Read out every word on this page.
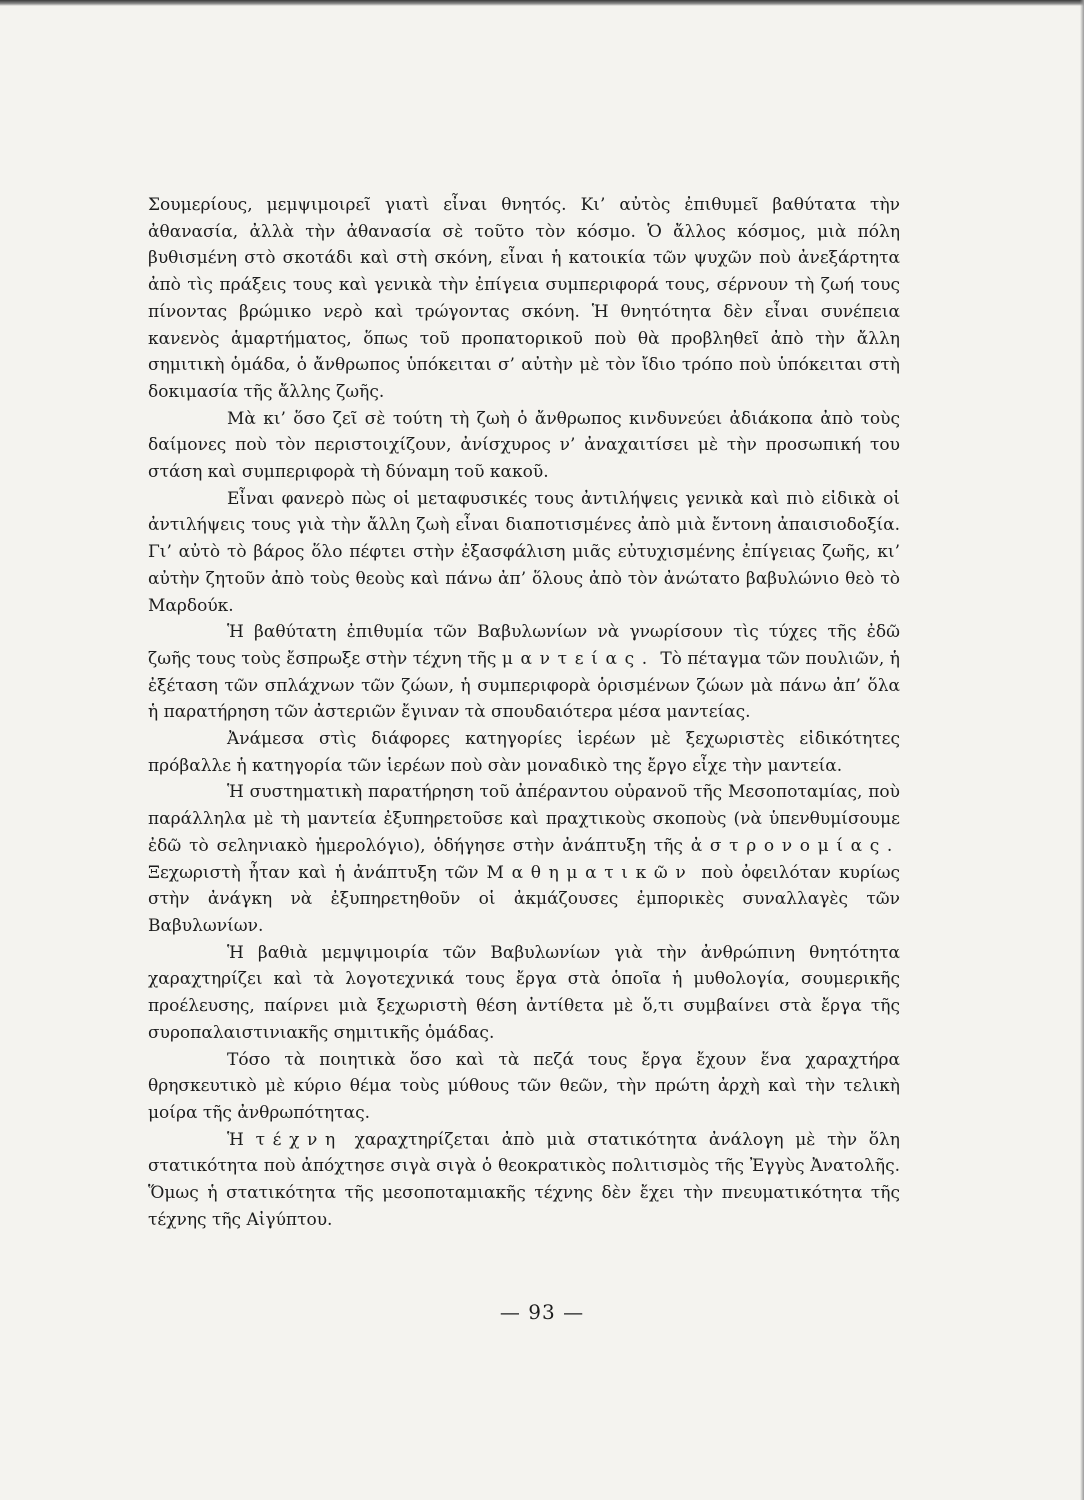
Σουμερίους, μεμψιμοιρεῖ γιατὶ εἶναι θνητός. Κι’ αὐτὸς ἐπιθυμεῖ βαθύτατα τὴν ἀθανασία, ἀλλὰ τὴν ἀθανασία σὲ τοῦτο τὸν κόσμο. Ὁ ἄλλος κόσμος, μιὰ πόλη βυθισμένη στὸ σκοτάδι καὶ στὴ σκόνη, εἶναι ἡ κατοικία τῶν ψυχῶν ποὺ ἀνεξάρτητα ἀπὸ τὶς πράξεις τους καὶ γενικὰ τὴν ἐπίγεια συμπεριφορά τους, σέρνουν τὴ ζωή τους πίνοντας βρώμικο νερὸ καὶ τρώγοντας σκόνη. Ἡ θνητότητα δὲν εἶναι συνέπεια κανενὸς ἁμαρτήματος, ὅπως τοῦ προπατορικοῦ ποὺ θὰ προβληθεῖ ἀπὸ τὴν ἄλλη σημιτικὴ ὁμάδα, ὁ ἄνθρωπος ὑπόκειται σ’ αὐτὴν μὲ τὸν ἴδιο τρόπο ποὺ ὑπόκειται στὴ δοκιμασία τῆς ἄλλης ζωῆς.

Μὰ κι’ ὅσο ζεῖ σὲ τούτη τὴ ζωὴ ὁ ἄνθρωπος κινδυνεύει ἀδιάκοπα ἀπὸ τοὺς δαίμονες ποὺ τὸν περιστοιχίζουν, ἀνίσχυρος ν’ ἀναχαιτίσει μὲ τὴν προσωπική του στάση καὶ συμπεριφορὰ τὴ δύναμη τοῦ κακοῦ.

Εἶναι φανερὸ πὼς οἱ μεταφυσικές τους ἀντιλήψεις γενικὰ καὶ πιὸ εἰδικὰ οἱ ἀντιλήψεις τους γιὰ τὴν ἄλλη ζωὴ εἶναι διαποτισμένες ἀπὸ μιὰ ἔντονη ἀπαισιοδοξία. Γι’ αὐτὸ τὸ βάρος ὅλο πέφτει στὴν ἐξασφάλιση μιᾶς εὐτυχισμένης ἐπίγειας ζωῆς, κι’ αὐτὴν ζητοῦν ἀπὸ τοὺς θεοὺς καὶ πάνω ἀπ’ ὅλους ἀπὸ τὸν ἀνώτατο βαβυλώνιο θεὸ τὸ Μαρδούκ.

Ἡ βαθύτατη ἐπιθυμία τῶν Βαβυλωνίων νὰ γνωρίσουν τὶς τύχες τῆς ἐδῶ ζωῆς τους τοὺς ἔσπρωξε στὴν τέχνη τῆς μαντείας. Τὸ πέταγμα τῶν πουλιῶν, ἡ ἐξέταση τῶν σπλάχνων τῶν ζώων, ἡ συμπεριφορὰ ὁρισμένων ζώων μὰ πάνω ἀπ’ ὅλα ἡ παρατήρηση τῶν ἀστεριῶν ἔγιναν τὰ σπουδαιότερα μέσα μαντείας.

Ἀνάμεσα στὶς διάφορες κατηγορίες ἱερέων μὲ ξεχωριστὲς εἰδικότητες πρόβαλλε ἡ κατηγορία τῶν ἱερέων ποὺ σὰν μοναδικὸ της ἔργο εἶχε τὴν μαντεία.

Ἡ συστηματικὴ παρατήρηση τοῦ ἀπέραντου οὐρανοῦ τῆς Μεσοποταμίας, ποὺ παράλληλα μὲ τὴ μαντεία ἐξυπηρετοῦσε καὶ πραχτικοὺς σκοποὺς (νὰ ὑπενθυμίσουμε ἐδῶ τὸ σεληνιακὸ ἡμερολόγιο), ὁδήγησε στὴν ἀνάπτυξη τῆς ἀστρονομίας. Ξεχωριστὴ ἦταν καὶ ἡ ἀνάπτυξη τῶν Μαθηματικῶν ποὺ ὀφειλόταν κυρίως στὴν ἀνάγκη νὰ ἐξυπηρετηθοῦν οἱ ἀκμάζουσες ἐμπορικὲς συναλλαγὲς τῶν Βαβυλωνίων.

Ἡ βαθιὰ μεμψιμοιρία τῶν Βαβυλωνίων γιὰ τὴν ἀνθρώπινη θνητότητα χαραχτηρίζει καὶ τὰ λογοτεχνικά τους ἔργα στὰ ὁποῖα ἡ μυθολογία, σουμερικῆς προέλευσης, παίρνει μιὰ ξεχωριστὴ θέση ἀντίθετα μὲ ὅ,τι συμβαίνει στὰ ἔργα τῆς συροπαλαιστινιακῆς σημιτικῆς ὁμάδας.

Τόσο τὰ ποιητικὰ ὅσο καὶ τὰ πεζά τους ἔργα ἔχουν ἕνα χαραχτήρα θρησκευτικὸ μὲ κύριο θέμα τοὺς μύθους τῶν θεῶν, τὴν πρώτη ἀρχὴ καὶ τὴν τελικὴ μοίρα τῆς ἀνθρωπότητας.

Ἡ τέχνη χαραχτηρίζεται ἀπὸ μιὰ στατικότητα ἀνάλογη μὲ τὴν ὅλη στατικότητα ποὺ ἀπόχτησε σιγὰ σιγὰ ὁ θεοκρατικὸς πολιτισμὸς τῆς Ἐγγὺς Ἀνατολῆς. Ὅμως ἡ στατικότητα τῆς μεσοποταμιακῆς τέχνης δὲν ἔχει τὴν πνευματικότητα τῆς τέχνης τῆς Αἰγύπτου.

— 93 —
